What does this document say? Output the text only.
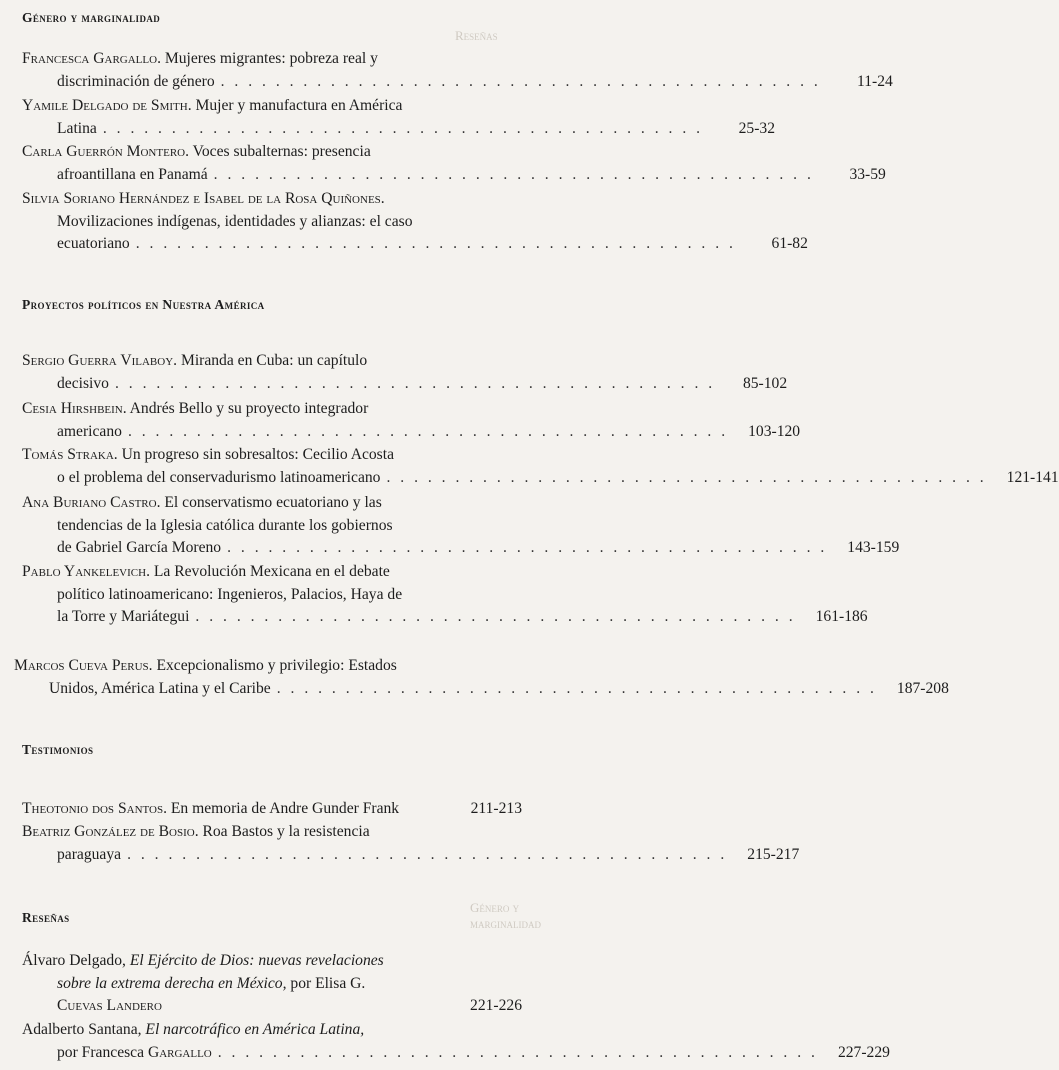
Reseñas
Género y marginalidad
Género y marginalidad
Francesca Gargallo. Mujeres migrantes: pobreza real y
discriminación de género . . . . . . . . . . . . . . . . . . . . . . . . . . . . . . . . . . . . . . . . . . . .	11-24
Yamile Delgado de Smith. Mujer y manufactura en América
Latina . . . . . . . . . . . . . . . . . . . . . . . . . . . . . . . . . . . . . . . . . . . .	25-32
Carla Guerrón Montero. Voces subalternas: presencia
afroantillana en Panamá . . . . . . . . . . . . . . . . . . . . . . . . . . . . . . . . . . . . . . . . . . . .	33-59
Silvia Soriano Hernández e Isabel de la Rosa Quiñones.
Movilizaciones indígenas, identidades y alianzas: el caso
ecuatoriano . . . . . . . . . . . . . . . . . . . . . . . . . . . . . . . . . . . . . . . . . . . .	61-82
Proyectos políticos en Nuestra América
Sergio Guerra Vilaboy. Miranda en Cuba: un capítulo
decisivo . . . . . . . . . . . . . . . . . . . . . . . . . . . . . . . . . . . . . . . . . . . .	85-102
Cesia Hirshbein. Andrés Bello y su proyecto integrador
americano . . . . . . . . . . . . . . . . . . . . . . . . . . . . . . . . . . . . . . . . . . . .	103-120
Tomás Straka. Un progreso sin sobresaltos: Cecilio Acosta
o el problema del conservadurismo latinoamericano . . . . . . . . . . . . . . . . . . . . . . . . . . . . . . . . . . . . . . . . . . . .	121-141
Ana Buriano Castro. El conservatismo ecuatoriano y las
tendencias de la Iglesia católica durante los gobiernos
de Gabriel García Moreno . . . . . . . . . . . . . . . . . . . . . . . . . . . . . . . . . . . . . . . . . . . .	143-159
Pablo Yankelevich. La Revolución Mexicana en el debate
político latinoamericano: Ingenieros, Palacios, Haya de
la Torre y Mariátegui . . . . . . . . . . . . . . . . . . . . . . . . . . . . . . . . . . . . . . . . . . . .	161-186
Marcos Cueva Perus. Excepcionalismo y privilegio: Estados
Unidos, América Latina y el Caribe . . . . . . . . . . . . . . . . . . . . . . . . . . . . . . . . . . . . . . . . . . . .	187-208
Testimonios
Theotonio dos Santos. En memoria de Andre Gunder Frank	211-213
Beatriz González de Bosio. Roa Bastos y la resistencia
paraguaya . . . . . . . . . . . . . . . . . . . . . . . . . . . . . . . . . . . . . . . . . . . .	215-217
Reseñas
Álvaro Delgado, El Ejército de Dios: nuevas revelaciones
sobre la extrema derecha en México, por Elisa G.
Cuevas Landero	221-226
Adalberto Santana, El narcotráfico en América Latina,
por Francesca Gargallo . . . . . . . . . . . . . . . . . . . . . . . . . . . . . . . . . . . . . . . . . . . .	227-229
